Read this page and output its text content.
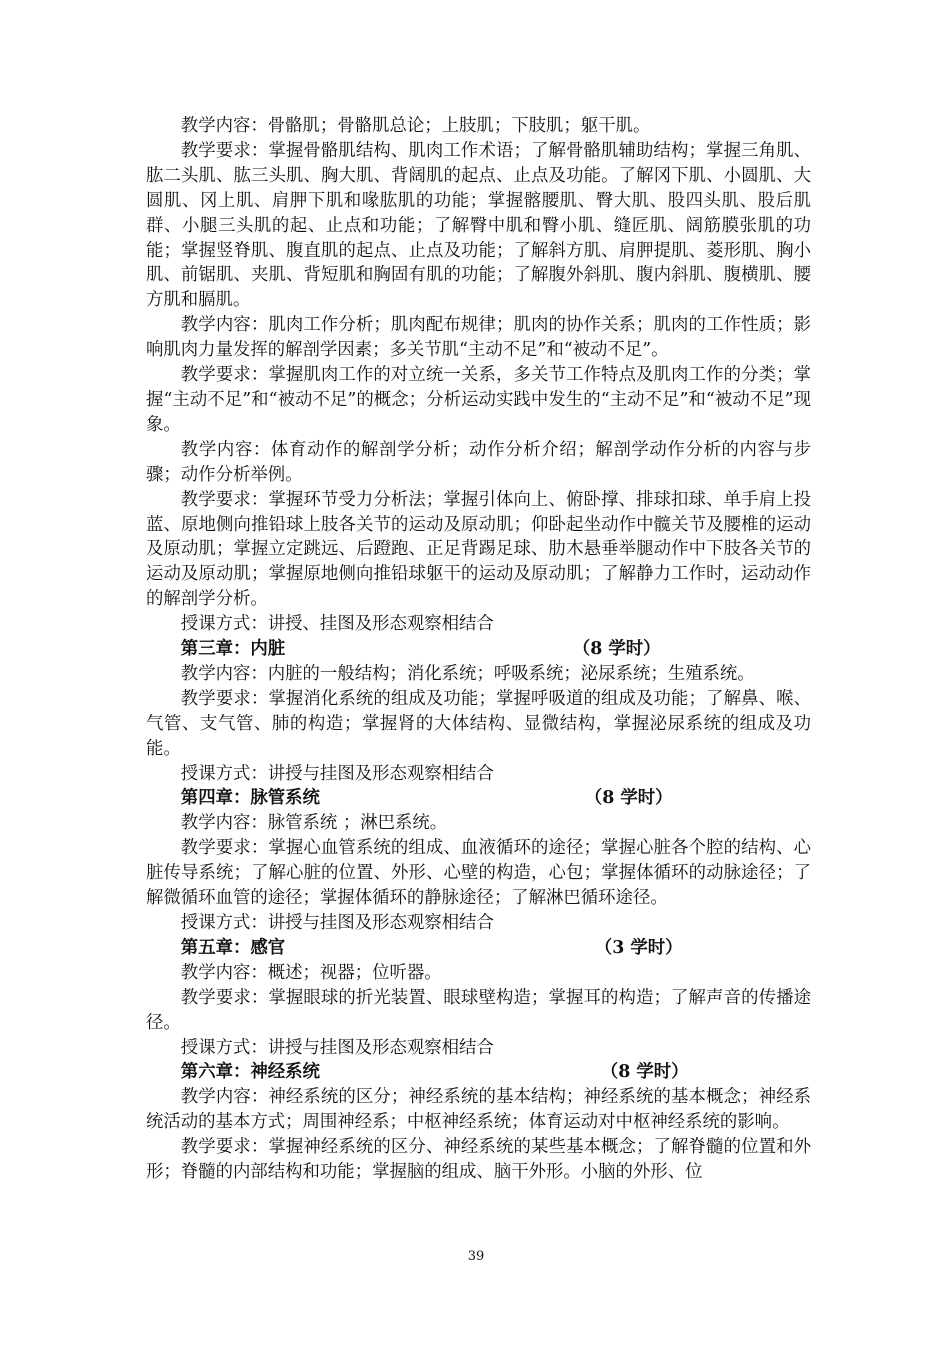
教学内容：骨骼肌；骨骼肌总论；上肢肌；下肢肌；躯干肌。

教学要求：掌握骨骼肌结构、肌肉工作术语；了解骨骼肌辅助结构；掌握三角肌、肱二头肌、肱三头肌、胸大肌、背阔肌的起点、止点及功能。了解冈下肌、小圆肌、大圆肌、冈上肌、肩胛下肌和喙肱肌的功能；掌握髂腰肌、臀大肌、股四头肌、股后肌群、小腿三头肌的起、止点和功能；了解臀中肌和臀小肌、缝匠肌、阔筋膜张肌的功能；掌握竖脊肌、腹直肌的起点、止点及功能；了解斜方肌、肩胛提肌、菱形肌、胸小肌、前锯肌、夹肌、背短肌和胸固有肌的功能；了解腹外斜肌、腹内斜肌、腹横肌、腰方肌和膈肌。

教学内容：肌肉工作分析；肌肉配布规律；肌肉的协作关系；肌肉的工作性质；影响肌肉力量发挥的解剖学因素；多关节肌“主动不足”和“被动不足”。

教学要求：掌握肌肉工作的对立统一关系，多关节工作特点及肌肉工作的分类；掌握“主动不足”和“被动不足”的概念；分析运动实践中发生的“主动不足”和“被动不足”现象。

教学内容：体育动作的解剖学分析；动作分析介绍；解剖学动作分析的内容与步骤；动作分析举例。

教学要求：掌握环节受力分析法；掌握引体向上、俯卧撑、排球扣球、单手肩上投蓝、原地侧向推铅球上肢各关节的运动及原动肌；仰卧起坐动作中髋关节及腰椎的运动及原动肌；掌握立定跳远、后蹬跑、正足背踢足球、肋木悬垂举腿动作中下肢各关节的运动及原动肌；掌握原地侧向推铅球躯干的运动及原动肌；了解静力工作时，运动动作的解剖学分析。

授课方式：讲授、挂图及形态观察相结合

第三章：内脏	（8 学时）

教学内容：内脏的一般结构；消化系统；呼吸系统；泌尿系统；生殖系统。

教学要求：掌握消化系统的组成及功能；掌握呼吸道的组成及功能；了解鼻、喉、气管、支气管、肺的构造；掌握肾的大体结构、显微结构，掌握泌尿系统的组成及功能。

授课方式：讲授与挂图及形态观察相结合

第四章：脉管系统	（8 学时）

教学内容：脉管系统 ；淋巴系统。

教学要求：掌握心血管系统的组成、血液循环的途径；掌握心脏各个腔的结构、心脏传导系统；了解心脏的位置、外形、心壁的构造，心包；掌握体循环的动脉途径；了解微循环血管的途径；掌握体循环的静脉途径；了解淋巴循环途径。

授课方式：讲授与挂图及形态观察相结合

第五章：感官	（3 学时）

教学内容：概述；视器；位听器。

教学要求：掌握眼球的折光装置、眼球壁构造；掌握耳的构造；了解声音的传播途径。

授课方式：讲授与挂图及形态观察相结合

第六章：神经系统	（8 学时）

教学内容：神经系统的区分；神经系统的基本结构；神经系统的基本概念；神经系统活动的基本方式；周围神经系；中枢神经系统；体育运动对中枢神经系统的影响。

教学要求：掌握神经系统的区分、神经系统的某些基本概念；了解脊髓的位置和外形；脊髓的内部结构和功能；掌握脑的组成、脑干外形。小脑的外形、位

39
